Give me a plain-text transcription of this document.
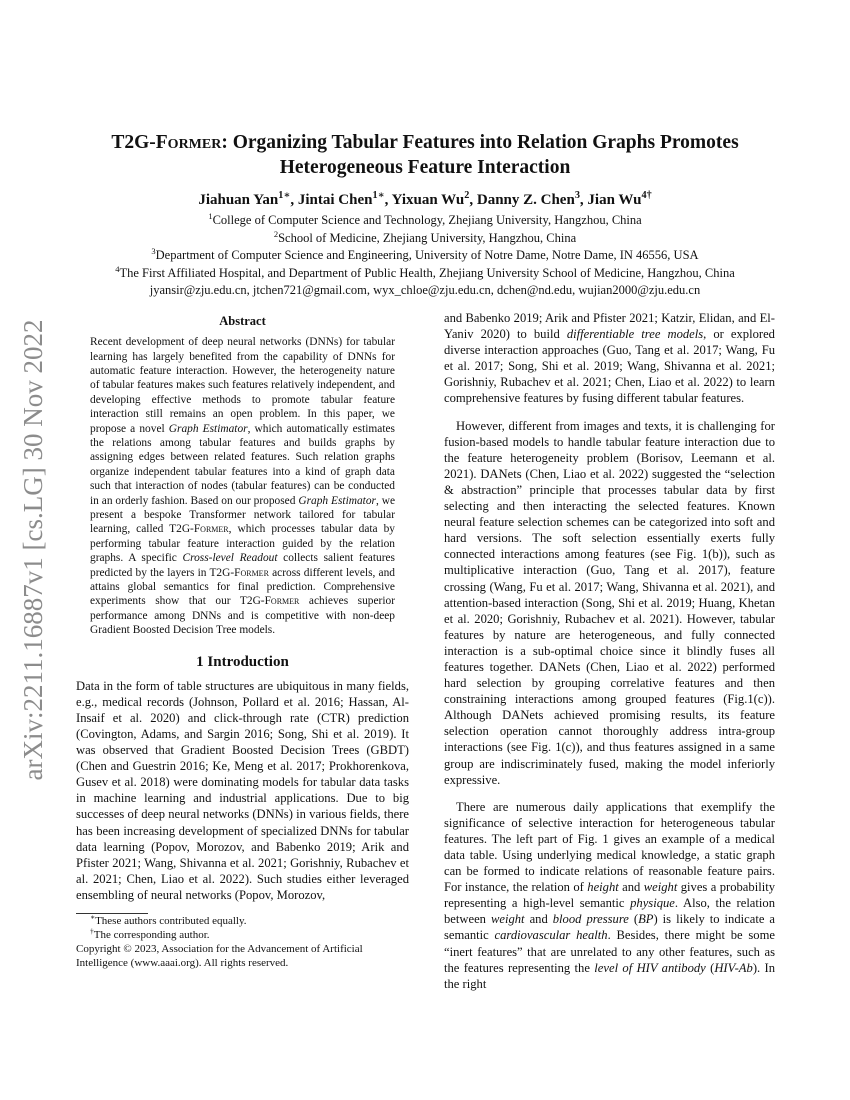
arXiv:2211.16887v1 [cs.LG] 30 Nov 2022
T2G-Former: Organizing Tabular Features into Relation Graphs Promotes
Heterogeneous Feature Interaction
Jiahuan Yan$^{1∗}$, Jintai Chen$^{1∗}$, Yixuan Wu$^2$, Danny Z. Chen$^3$, Jian $Wu^{4\dagger}$
$^1$College of Computer Science and Technology, Zhejiang University, Hangzhou, China
$^2$School of Medicine, Zhejiang University, Hangzhou, China
$^3$Department of Computer Science and Engineering, University of Notre Dame, Notre Dame, IN 46556, USA
$^4$The First Affiliated Hospital, and Department of Public Health, Zhejiang University School of Medicine, Hangzhou, China
jyansir@zju.edu.cn, jtchen721@gmail.com, wyx_chloe@zju.edu.cn, dchen@nd.edu, wujian2000@zju.edu.cn
Abstract

Recent development of deep neural networks (DNNs) for tabular learning has largely benefited from the capability of DNNs for automatic feature interaction. However, the heterogeneity nature of tabular features makes such features relatively independent, and developing effective methods to promote tabular feature interaction still remains an open problem. In this paper, we propose a novel Graph Estimator, which automatically estimates the relations among tabular features and builds graphs by assigning edges between related features. Such relation graphs organize independent tabular features into a kind of graph data such that interaction of nodes (tabular features) can be conducted in an orderly fashion. Based on our proposed Graph Estimator, we present a bespoke Transformer network tailored for tabular learning, called T2G-Former, which processes tabular data by performing tabular feature interaction guided by the relation graphs. A specific Cross-level Readout collects salient features predicted by the layers in T2G-Former across different levels, and attains global semantics for final prediction. Comprehensive experiments show that our T2G-Former achieves superior performance among DNNs and is competitive with non-deep Gradient Boosted Decision Tree models.

1 Introduction

Data in the form of table structures are ubiquitous in many fields, e.g., medical records (Johnson, Pollard et al. 2016; Hassan, Al-Insaif et al. 2020) and click-through rate (CTR) prediction (Covington, Adams, and Sargin 2016; Song, Shi et al. 2019). It was observed that Gradient Boosted Decision Trees (GBDT) (Chen and Guestrin 2016; Ke, Meng et al. 2017; Prokhorenkova, Gusev et al. 2018) were dominating models for tabular data tasks in machine learning and industrial applications. Due to big successes of deep neural networks (DNNs) in various fields, there has been increasing development of specialized DNNs for tabular data learning (Popov, Morozov, and Babenko 2019; Arik and Pfister 2021; Wang, Shivanna et al. 2021; Gorishniy, Rubachev et al. 2021; Chen, Liao et al. 2022). Such studies either leveraged ensembling of neural networks (Popov, Morozov,

∗These authors contributed equally.

†The corresponding author.

Copyright © 2023, Association for the Advancement of Artificial Intelligence (www.aaai.org). All rights reserved.

and Babenko 2019; Arik and Pfister 2021; Katzir, Elidan, and El-Yaniv 2020) to build differentiable tree models, or explored diverse interaction approaches (Guo, Tang et al. 2017; Wang, Fu et al. 2017; Song, Shi et al. 2019; Wang, Shivanna et al. 2021; Gorishniy, Rubachev et al. 2021; Chen, Liao et al. 2022) to learn comprehensive features by fusing different tabular features.

However, different from images and texts, it is challenging for fusion-based models to handle tabular feature interaction due to the feature heterogeneity problem (Borisov, Leemann et al. 2021). DANets (Chen, Liao et al. 2022) suggested the “selection & abstraction” principle that processes tabular data by first selecting and then interacting the selected features. Known neural feature selection schemes can be categorized into soft and hard versions. The soft selection essentially exerts fully connected interactions among features (see Fig. 1(b)), such as multiplicative interaction (Guo, Tang et al. 2017), feature crossing (Wang, Fu et al. 2017; Wang, Shivanna et al. 2021), and attention-based interaction (Song, Shi et al. 2019; Huang, Khetan et al. 2020; Gorishniy, Rubachev et al. 2021). However, tabular features by nature are heterogeneous, and fully connected interaction is a sub-optimal choice since it blindly fuses all features together. DANets (Chen, Liao et al. 2022) performed hard selection by grouping correlative features and then constraining interactions among grouped features (Fig.1(c)). Although DANets achieved promising results, its feature selection operation cannot thoroughly address intra-group interactions (see Fig. 1(c)), and thus features assigned in a same group are indiscriminately fused, making the model inferiorly expressive.

There are numerous daily applications that exemplify the significance of selective interaction for heterogeneous tabular features. The left part of Fig. 1 gives an example of a medical data table. Using underlying medical knowledge, a static graph can be formed to indicate relations of reasonable feature pairs. For instance, the relation of height and weight gives a probability representing a high-level semantic physique. Also, the relation between weight and blood pressure (BP) is likely to indicate a semantic cardiovascular health. Besides, there might be some “inert features” that are unrelated to any other features, such as the features representing the level of HIV antibody (HIV-Ab). In the right
